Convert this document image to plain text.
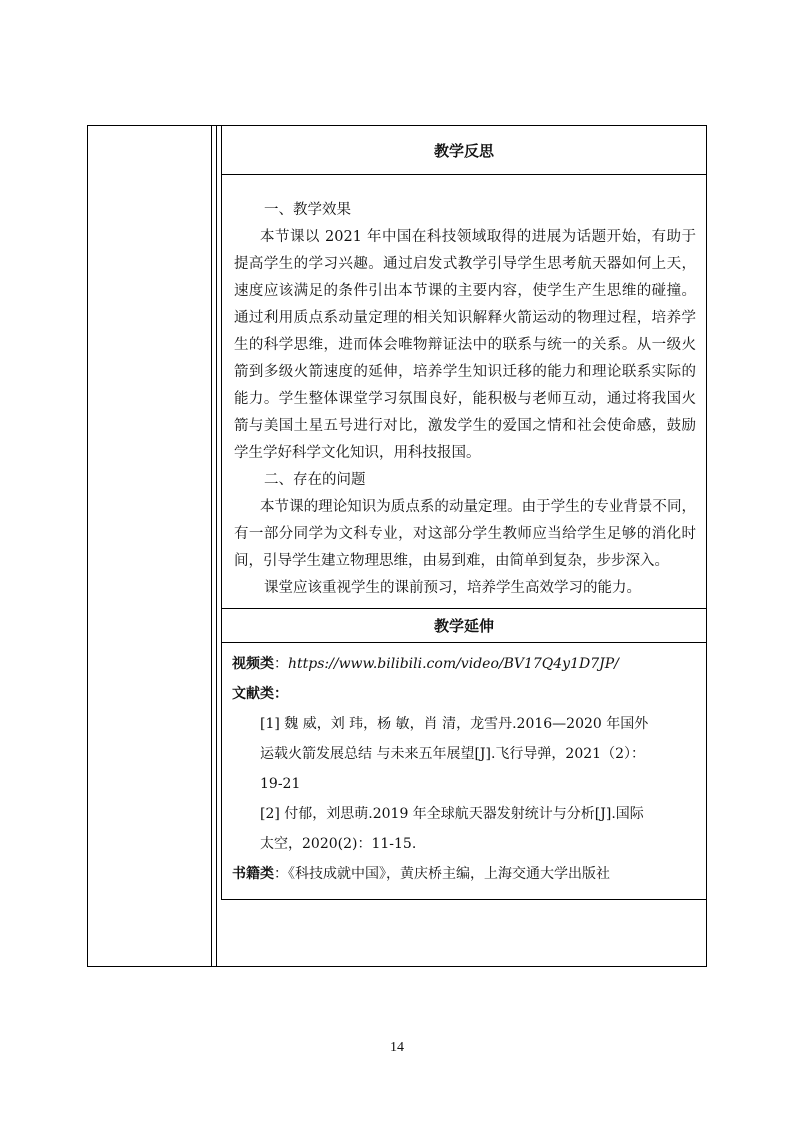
教学反思

一、教学效果

本节课以 2021 年中国在科技领域取得的进展为话题开始，有助于提高学生的学习兴趣。通过启发式教学引导学生思考航天器如何上天，速度应该满足的条件引出本节课的主要内容，使学生产生思维的碰撞。通过利用质点系动量定理的相关知识解释火箭运动的物理过程，培养学生的科学思维，进而体会唯物辩证法中的联系与统一的关系。从一级火箭到多级火箭速度的延伸，培养学生知识迁移的能力和理论联系实际的能力。学生整体课堂学习氛围良好，能积极与老师互动，通过将我国火箭与美国土星五号进行对比，激发学生的爱国之情和社会使命感，鼓励学生学好科学文化知识，用科技报国。

二、存在的问题

本节课的理论知识为质点系的动量定理。由于学生的专业背景不同，有一部分同学为文科专业，对这部分学生教师应当给学生足够的消化时间，引导学生建立物理思维，由易到难，由简单到复杂，步步深入。

课堂应该重视学生的课前预习，培养学生高效学习的能力。

教学延伸

视频类：https://www.bilibili.com/video/BV17Q4y1D7JP/

文献类：

[1] 魏 威，刘 玮，杨 敏，肖 清，龙雪丹.2016—2020 年国外

运载火箭发展总结 与未来五年展望[J].飞行导弹，2021（2）：

19-21

[2] 付郁，刘思萌.2019 年全球航天器发射统计与分析[J].国际

太空，2020(2)：11-15.

书籍类：《科技成就中国》，黄庆桥主编，上海交通大学出版社

14
